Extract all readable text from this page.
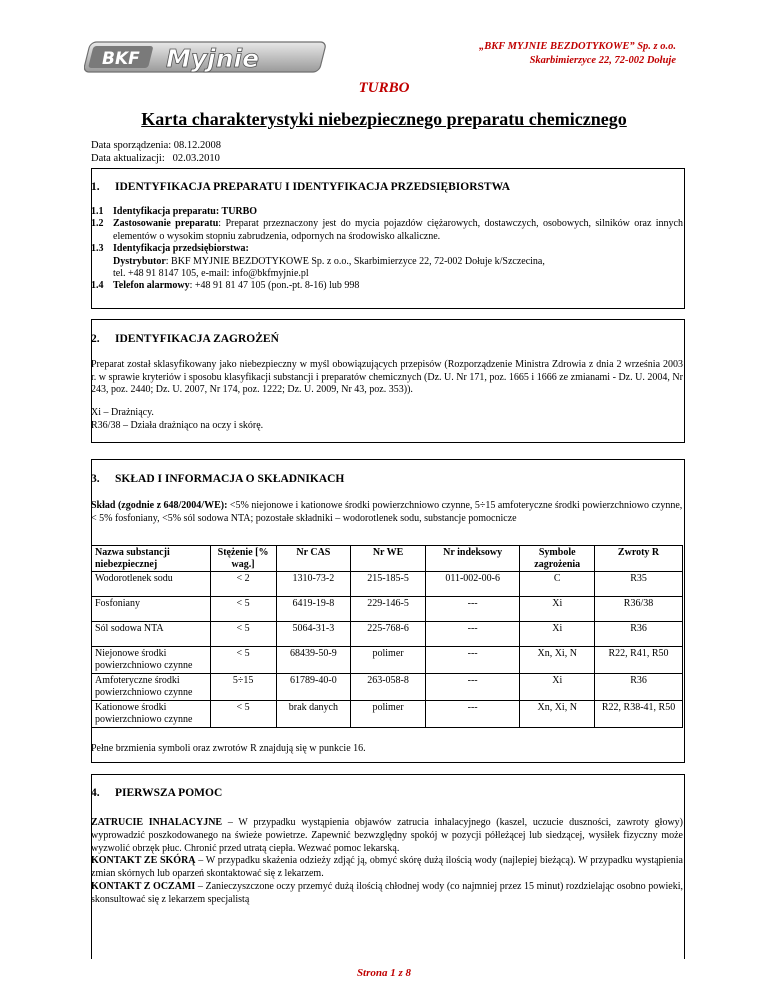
BKF Myjnie	„BKF MYJNIE BEZDOTYKOWE” Sp. z o.o.
Skarbimierzyce 22, 72-002 Dołuje
TURBO
Karta charakterystyki niebezpiecznego preparatu chemicznego
Data sporządzenia: 08.12.2008
Data aktualizacji: 02.03.2010
1. IDENTYFIKACJA PREPARATU I IDENTYFIKACJA PRZEDSIĘBIORSTWA
1.1 Identyfikacja preparatu: TURBO
1.2 Zastosowanie preparatu: Preparat przeznaczony jest do mycia pojazdów ciężarowych, dostawczych, osobowych, silników oraz innych elementów o wysokim stopniu zabrudzenia, odpornych na środowisko alkaliczne.
1.3 Identyfikacja przedsiębiorstwa:
Dystrybutor: BKF MYJNIE BEZDOTYKOWE Sp. z o.o., Skarbimierzyce 22, 72-002 Dołuje k/Szczecina,
tel. +48 91 8147 105, e-mail: info@bkfmyjnie.pl
1.4 Telefon alarmowy: +48 91 81 47 105 (pon.-pt. 8-16) lub 998
2. IDENTYFIKACJA ZAGROŻEŃ
Preparat został sklasyfikowany jako niebezpieczny w myśl obowiązujących przepisów (Rozporządzenie Ministra Zdrowia z dnia 2 września 2003 r. w sprawie kryteriów i sposobu klasyfikacji substancji i preparatów chemicznych (Dz. U. Nr 171, poz. 1665 i 1666 ze zmianami - Dz. U. 2004, Nr 243, poz. 2440; Dz. U. 2007, Nr 174, poz. 1222; Dz. U. 2009, Nr 43, poz. 353)).
Xi – Drażniący.
R36/38 – Działa drażniąco na oczy i skórę.
3. SKŁAD I INFORMACJA O SKŁADNIKACH
Skład (zgodnie z 648/2004/WE): <5% niejonowe i kationowe środki powierzchniowo czynne, 5÷15 amfoteryczne środki powierzchniowo czynne, < 5% fosfoniany, <5% sól sodowa NTA; pozostałe składniki – wodorotlenek sodu, substancje pomocnicze
Nazwa substancji niebezpiecznej	Stężenie [% wag.]	Nr CAS	Nr WE	Nr indeksowy	Symbole zagrożenia	Zwroty R
Wodorotlenek sodu	< 2	1310-73-2	215-185-5	011-002-00-6	C	R35
Fosfoniany	< 5	6419-19-8	229-146-5	---	Xi	R36/38
Sól sodowa NTA	< 5	5064-31-3	225-768-6	---	Xi	R36
Niejonowe środki powierzchniowo czynne	< 5	68439-50-9	polimer	---	Xn, Xi, N	R22, R41, R50
Amfoteryczne środki powierzchniowo czynne	5÷15	61789-40-0	263-058-8	---	Xi	R36
Kationowe środki powierzchniowo czynne	< 5	brak danych	polimer	---	Xn, Xi, N	R22, R38-41, R50
Pełne brzmienia symboli oraz zwrotów R znajdują się w punkcie 16.
4. PIERWSZA POMOC
ZATRUCIE INHALACYJNE – W przypadku wystąpienia objawów zatrucia inhalacyjnego (kaszel, uczucie duszności, zawroty głowy) wyprowadzić poszkodowanego na świeże powietrze. Zapewnić bezwzględny spokój w pozycji półleżącej lub siedzącej, wysiłek fizyczny może wyzwolić obrzęk płuc. Chronić przed utratą ciepła. Wezwać pomoc lekarską.
KONTAKT ZE SKÓRĄ – W przypadku skażenia odzieży zdjąć ją, obmyć skórę dużą ilością wody (najlepiej bieżącą). W przypadku wystąpienia zmian skórnych lub oparzeń skontaktować się z lekarzem.
KONTAKT Z OCZAMI – Zanieczyszczone oczy przemyć dużą ilością chłodnej wody (co najmniej przez 15 minut) rozdzielając osobno powieki, skonsultować się z lekarzem specjalistą
Strona 1 z 8
